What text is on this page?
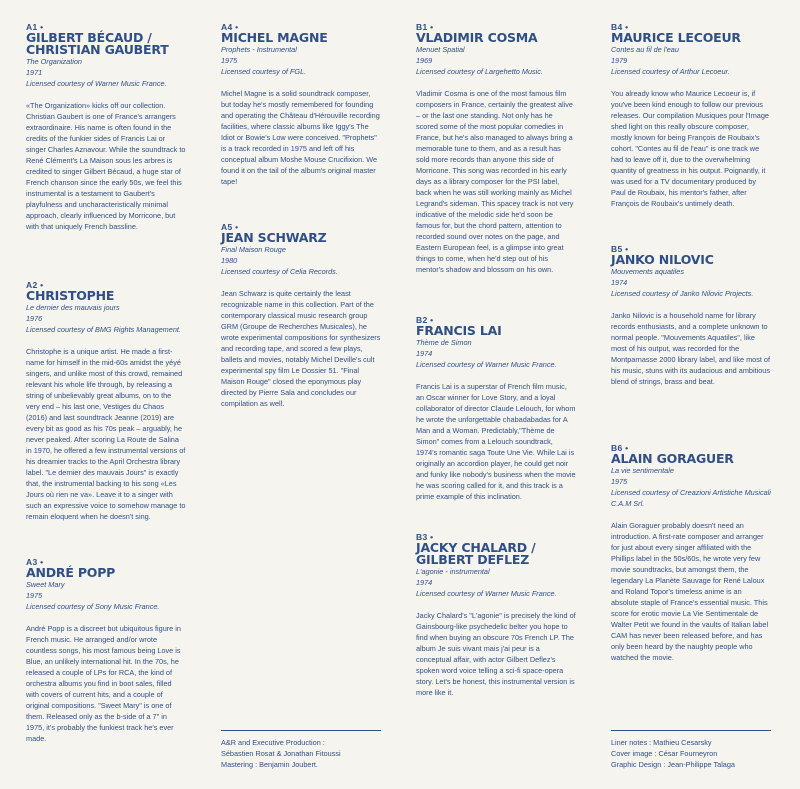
A1 •
GILBERT BÉCAUD / CHRISTIAN GAUBERT
The Organization
1971
Licensed courtesy of Warner Music France.
«The Organization» kicks off our collection. Christian Gaubert is one of France's arrangers extraordinaire. His name is often found in the credits of the funkier sides of Francis Lai or singer Charles Aznavour. While the soundtrack to René Clément's La Maison sous les arbres is credited to singer Gilbert Bécaud, a huge star of French chanson since the early 50s, we feel this instrumental is a testament to Gaubert's playfulness and uncharacteristically minimal approach, clearly influenced by Morricone, but with that uniquely French bassline.
A2 •
CHRISTOPHE
Le dernier des mauvais jours
1976
Licensed courtesy of BMG Rights Management.
Christophe is a unique artist. He made a first-name for himself in the mid-60s amidst the yéyé singers, and unlike most of this crowd, remained relevant his whole life through, by releasing a string of unbelievably great albums, on to the very end – his last one, Vestiges du Chaos (2016) and last soundtrack Jeanne (2019) are every bit as good as his 70s peak – arguably, he never peaked. After scoring La Route de Salina in 1970, he offered a few instrumental versions of his dreamier tracks to the April Orchestra library label. "Le dernier des mauvais Jours" is exactly that, the instrumental backing to his song «Les Jours où rien ne va». Leave it to a singer with such an expressive voice to somehow manage to remain eloquent when he doesn't sing.
A3 •
ANDRÉ POPP
Sweet Mary
1975
Licensed courtesy of Sony Music France.
André Popp is a discreet but ubiquitous figure in French music. He arranged and/or wrote countless songs, his most famous being Love is Blue, an unlikely international hit. In the 70s, he released a couple of LPs for RCA, the kind of orchestra albums you find in boot sales, filled with covers of current hits, and a couple of original compositions. "Sweet Mary" is one of them. Released only as the b-side of a 7" in 1975, it's probably the funkiest track he's ever made.
A4 •
MICHEL MAGNE
Prophets - Instrumental
1975
Licensed courtesy of FGL.
Michel Magne is a solid soundtrack composer, but today he's mostly remembered for founding and operating the Château d'Hérouville recording facilities, where classic albums like Iggy's The Idiot or Bowie's Low were conceived. "Prophets" is a track recorded in 1975 and left off his conceptual album Moshe Mouse Crucifixion. We found it on the tail of the album's original master tape!
A5 •
JEAN SCHWARZ
Final Maison Rouge
1980
Licensed courtesy of Celia Records.
Jean Schwarz is quite certainly the least recognizable name in this collection. Part of the contemporary classical music research group GRM (Groupe de Recherches Musicales), he wrote experimental compositions for synthesizers and recording tape, and scored a few plays, ballets and movies, notably Michel Deville's cult experimental spy film Le Dossier 51. "Final Maison Rouge" closed the eponymous play directed by Pierre Sala and concludes our compilation as well.
A&R and Executive Production :
Sébastien Rosat & Jonathan Fitoussi
Mastering : Benjamin Joubert.
B1 •
VLADIMIR COSMA
Menuet Spatial
1969
Licensed courtesy of Largehetto Music.
Vladimir Cosma is one of the most famous film composers in France, certainly the greatest alive – or the last one standing. Not only has he scored some of the most popular comedies in France, but he's also managed to always bring a memorable tune to them, and as a result has sold more records than anyone this side of Morricone. This song was recorded in his early days as a library composer for the PSI label, back when he was still working mainly as Michel Legrand's sideman. This spacey track is not very indicative of the melodic side he'd soon be famous for, but the chord pattern, attention to recorded sound over notes on the page, and Eastern European feel, is a glimpse into great things to come, when he'd step out of his mentor's shadow and blossom on his own.
B2 •
FRANCIS LAI
Thème de Simon
1974
Licensed courtesy of Warner Music France.
Francis Lai is a superstar of French film music, an Oscar winner for Love Story, and a loyal collaborator of director Claude Lelouch, for whom he wrote the unforgettable chabadabadas for A Man and a Woman. Predictably,"Thème de Simon" comes from a Lelouch soundtrack, 1974's romantic saga Toute Une Vie. While Lai is originally an accordion player, he could get noir and funky like nobody's business when the movie he was scoring called for it, and this track is a prime example of this inclination.
B3 •
JACKY CHALARD / GILBERT DEFLEZ
L'agonie - instrumental
1974
Licensed courtesy of Warner Music France.
Jacky Chalard's "L'agonie" is precisely the kind of Gainsbourg-like psychedelic belter you hope to find when buying an obscure 70s French LP. The album Je suis vivant mais j'ai peur is a conceptual affair, with actor Gilbert Deflez's spoken word voice telling a sci-fi space-opera story. Let's be honest, this instrumental version is more like it.
B4 •
MAURICE LECOEUR
Contes au fil de l'eau
1979
Licensed courtesy of Arthur Lecoeur.
You already know who Maurice Lecoeur is, if you've been kind enough to follow our previous releases. Our compilation Musiques pour l'Image shed light on this really obscure composer, mostly known for being François de Roubaix's cohort. "Contes au fil de l'eau" is one track we had to leave off it, due to the overwhelming quantity of greatness in his output. Poignantly, it was used for a TV documentary produced by Paul de Roubaix, his mentor's father, after François de Roubaix's untimely death.
B5 •
JANKO NILOVIC
Mouvements aquatiles
1974
Licensed courtesy of Janko Nilovic Projects.
Janko Nilovic is a household name for library records enthusiasts, and a complete unknown to normal people. "Mouvements Aquatiles", like most of his output, was recorded for the Montparnasse 2000 library label, and like most of his music, stuns with its audacious and ambitious blend of strings, brass and beat.
B6 •
ALAIN GORAGUER
La vie sentimentale
1975
Licensed courtesy of Creazioni Artistiche Musicali C.A.M Srl.
Alain Goraguer probably doesn't need an introduction. A first-rate composer and arranger for just about every singer affiliated with the Phillips label in the 50s/60s, he wrote very few movie soundtracks, but amongst them, the legendary La Planète Sauvage for René Laloux and Roland Topor's timeless anime is an absolute staple of France's essential music. This score for erotic movie La Vie Sentimentale de Walter Petit we found in the vaults of Italian label CAM has never been released before, and has only been heard by the naughty people who watched the movie.
Liner notes : Mathieu Cesarsky
Cover image : César Fourneyron
Graphic Design : Jean-Philippe Talaga
